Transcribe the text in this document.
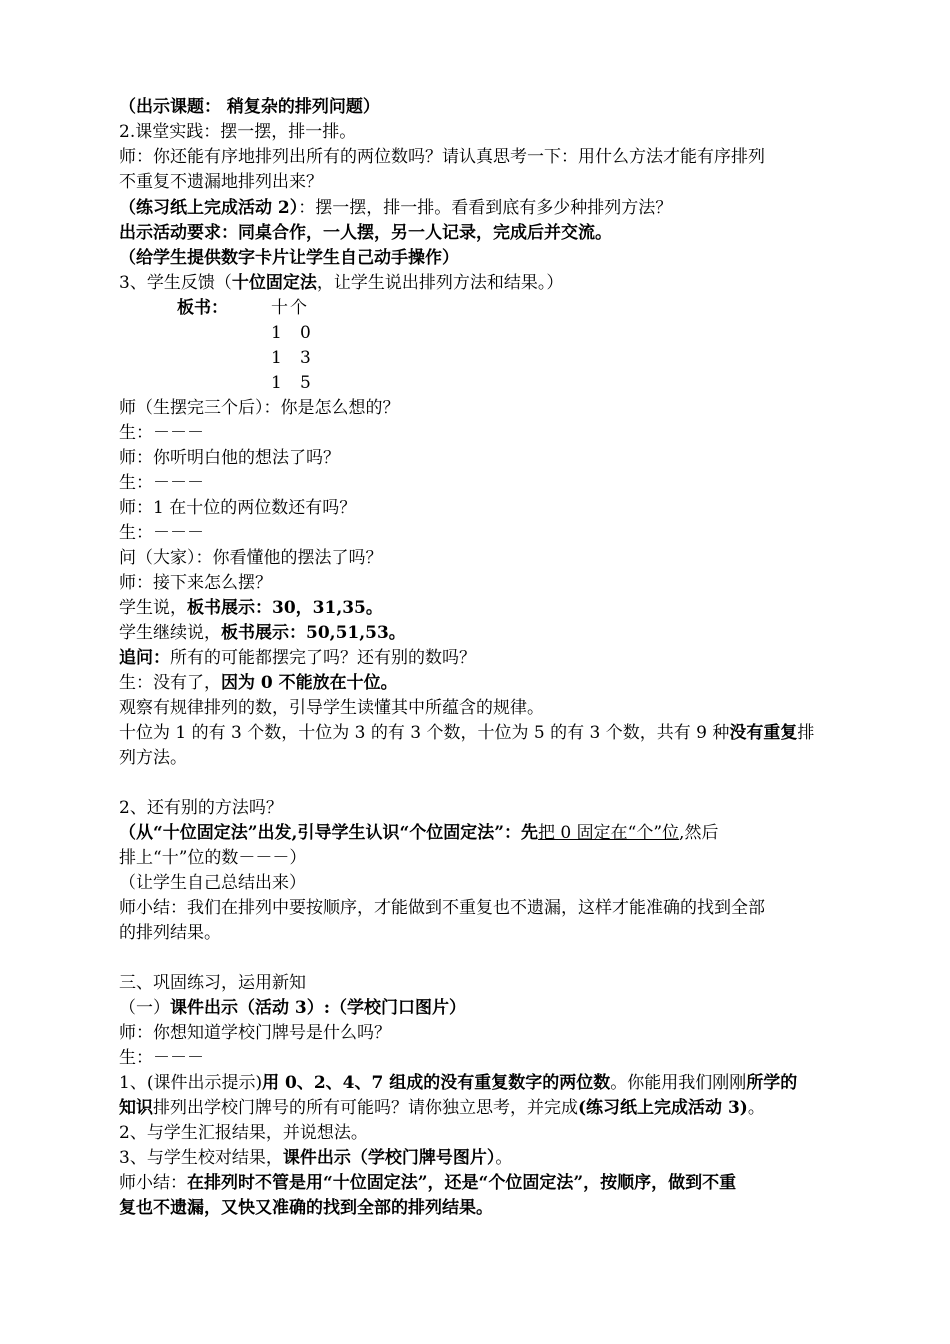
（出示课题： 稍复杂的排列问题）
2.课堂实践：摆一摆，排一排。
师：你还能有序地排列出所有的两位数吗？请认真思考一下：用什么方法才能有序排列
不重复不遗漏地排列出来？
（练习纸上完成活动 2）：摆一摆，排一排。看看到底有多少种排列方法？
出示活动要求：同桌合作，一人摆，另一人记录，完成后并交流。
（给学生提供数字卡片让学生自己动手操作）
3、学生反馈（十位固定法，让学生说出排列方法和结果。）
板书：	十个
1 0
1 3
1 5
师（生摆完三个后）：你是怎么想的？
生：－－－
师：你听明白他的想法了吗？
生：－－－
师：1 在十位的两位数还有吗？
生：－－－
问（大家）：你看懂他的摆法了吗？
师：接下来怎么摆？
学生说，板书展示：30，31,35。
学生继续说，板书展示：50,51,53。
追问：所有的可能都摆完了吗？还有别的数吗？
生：没有了，因为 0 不能放在十位。
观察有规律排列的数，引导学生读懂其中所蕴含的规律。
十位为 1 的有 3 个数，十位为 3 的有 3 个数，十位为 5 的有 3 个数，共有 9 种没有重复排
列方法。
2、还有别的方法吗？
（从“十位固定法”出发,引导学生认识“个位固定法”：先把 0 固定在“个”位,然后
排上“十”位的数－－－）
（让学生自己总结出来）
师小结：我们在排列中要按顺序，才能做到不重复也不遗漏，这样才能准确的找到全部
的排列结果。
三、巩固练习，运用新知
（一）课件出示（活动 3）:（学校门口图片）
师：你想知道学校门牌号是什么吗？
生：－－－
1、(课件出示提示)用 0、2、4、7 组成的没有重复数字的两位数。你能用我们刚刚所学的
知识排列出学校门牌号的所有可能吗？请你独立思考，并完成(练习纸上完成活动 3)。
2、与学生汇报结果，并说想法。
3、与学生校对结果，课件出示（学校门牌号图片）。
师小结：在排列时不管是用“十位固定法”，还是“个位固定法”，按顺序，做到不重
复也不遗漏，又快又准确的找到全部的排列结果。
